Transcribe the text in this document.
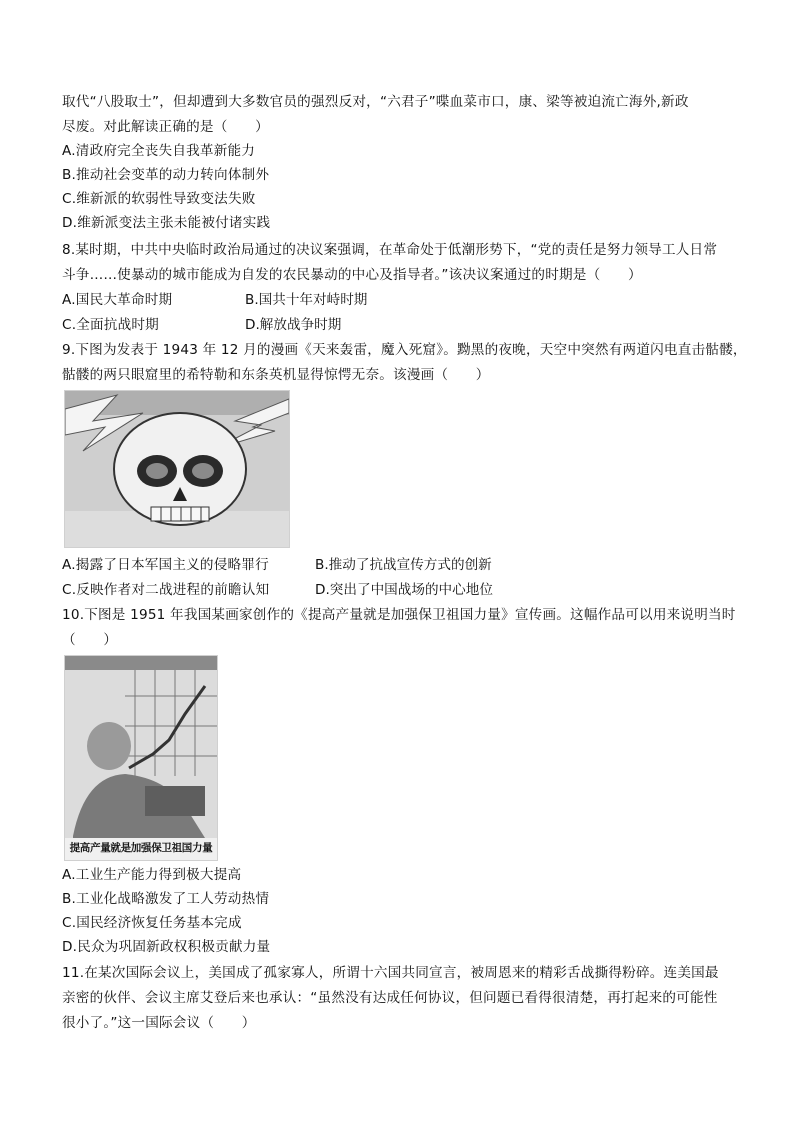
取代“八股取士”，但却遭到大多数官员的强烈反对，“六君子”喋血菜市口，康、梁等被迫流亡海外,新政
尽废。对此解读正确的是（　　）
A.清政府完全丧失自我革新能力
B.推动社会变革的动力转向体制外
C.维新派的软弱性导致变法失败
D.维新派变法主张未能被付诸实践
8.某时期，中共中央临时政治局通过的决议案强调，在革命处于低潮形势下，“党的责任是努力领导工人日常
斗争……使暴动的城市能成为自发的农民暴动的中心及指导者。”该决议案通过的时期是（　　）
A.国民大革命时期	B.国共十年对峙时期
C.全面抗战时期	D.解放战争时期
9.下图为发表于 1943 年 12 月的漫画《天来轰雷，魔入死窟》。黝黑的夜晚，天空中突然有两道闪电直击骷髅，
骷髅的两只眼窟里的希特勒和东条英机显得惊愕无奈。该漫画（　　）
A.揭露了日本军国主义的侵略罪行	B.推动了抗战宣传方式的创新
C.反映作者对二战进程的前瞻认知	D.突出了中国战场的中心地位
10.下图是 1951 年我国某画家创作的《提高产量就是加强保卫祖国力量》宣传画。这幅作品可以用来说明当时
（　　）
提高产量就是加强保卫祖国力量
A.工业生产能力得到极大提高
B.工业化战略激发了工人劳动热情
C.国民经济恢复任务基本完成
D.民众为巩固新政权积极贡献力量
11.在某次国际会议上，美国成了孤家寡人，所谓十六国共同宣言，被周恩来的精彩舌战撕得粉碎。连美国最
亲密的伙伴、会议主席艾登后来也承认：“虽然没有达成任何协议，但问题已看得很清楚，再打起来的可能性
很小了。”这一国际会议（　　）
